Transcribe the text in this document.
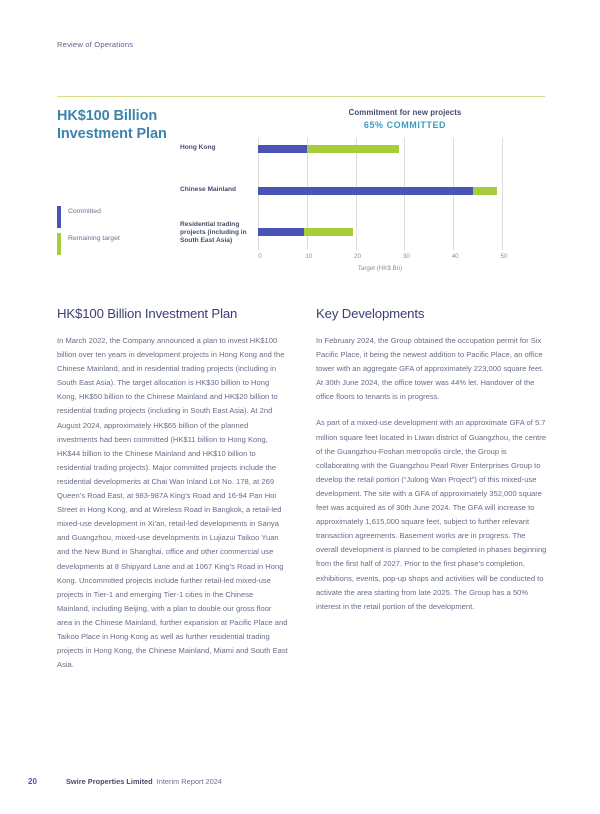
Review of Operations
HK$100 Billion Investment Plan
Committed
Remaining target
Commitment for new projects
65% COMMITTED
Hong Kong
Chinese Mainland
Residential trading projects (including in South East Asia)
0	10	20	30	40	50
Target (HK$ Bn)
HK$100 Billion Investment Plan

In March 2022, the Company announced a plan to invest HK$100 billion over ten years in development projects in Hong Kong and the Chinese Mainland, and in residential trading projects (including in South East Asia). The target allocation is HK$30 billion to Hong Kong, HK$50 billion to the Chinese Mainland and HK$20 billion to residential trading projects (including in South East Asia). At 2nd August 2024, approximately HK$65 billion of the planned investments had been committed (HK$11 billion to Hong Kong, HK$44 billion to the Chinese Mainland and HK$10 billion to residential trading projects). Major committed projects include the residential developments at Chai Wan Inland Lot No. 178, at 269 Queen’s Road East, at 983-987A King’s Road and 16-94 Pan Hoi Street in Hong Kong, and at Wireless Road in Bangkok, a retail-led mixed-use development in Xi’an, retail-led developments in Sanya and Guangzhou, mixed-use developments in Lujiazui Taikoo Yuan and the New Bund in Shanghai, office and other commercial use developments at 8 Shipyard Lane and at 1067 King’s Road in Hong Kong. Uncommitted projects include further retail-led mixed-use projects in Tier-1 and emerging Tier-1 cities in the Chinese Mainland, including Beijing, with a plan to double our gross floor area in the Chinese Mainland, further expansion at Pacific Place and Taikoo Place in Hong Kong as well as further residential trading projects in Hong Kong, the Chinese Mainland, Miami and South East Asia.

Key Developments

In February 2024, the Group obtained the occupation permit for Six Pacific Place, it being the newest addition to Pacific Place, an office tower with an aggregate GFA of approximately 223,000 square feet. At 30th June 2024, the office tower was 44% let. Handover of the office floors to tenants is in progress.

As part of a mixed-use development with an approximate GFA of 5.7 million square feet located in Liwan district of Guangzhou, the centre of the Guangzhou-Foshan metropolis circle, the Group is collaborating with the Guangzhou Pearl River Enterprises Group to develop the retail portion (“Julong Wan Project”) of this mixed-use development. The site with a GFA of approximately 352,000 square feet was acquired as of 30th June 2024. The GFA will increase to approximately 1,615,000 square feet, subject to further relevant transaction agreements. Basement works are in progress. The overall development is planned to be completed in phases beginning from the first half of 2027. Prior to the first phase’s completion, exhibitions, events, pop-up shops and activities will be conducted to activate the area starting from late 2025. The Group has a 50% interest in the retail portion of the development.

20	Swire Properties Limited Interim Report 2024
